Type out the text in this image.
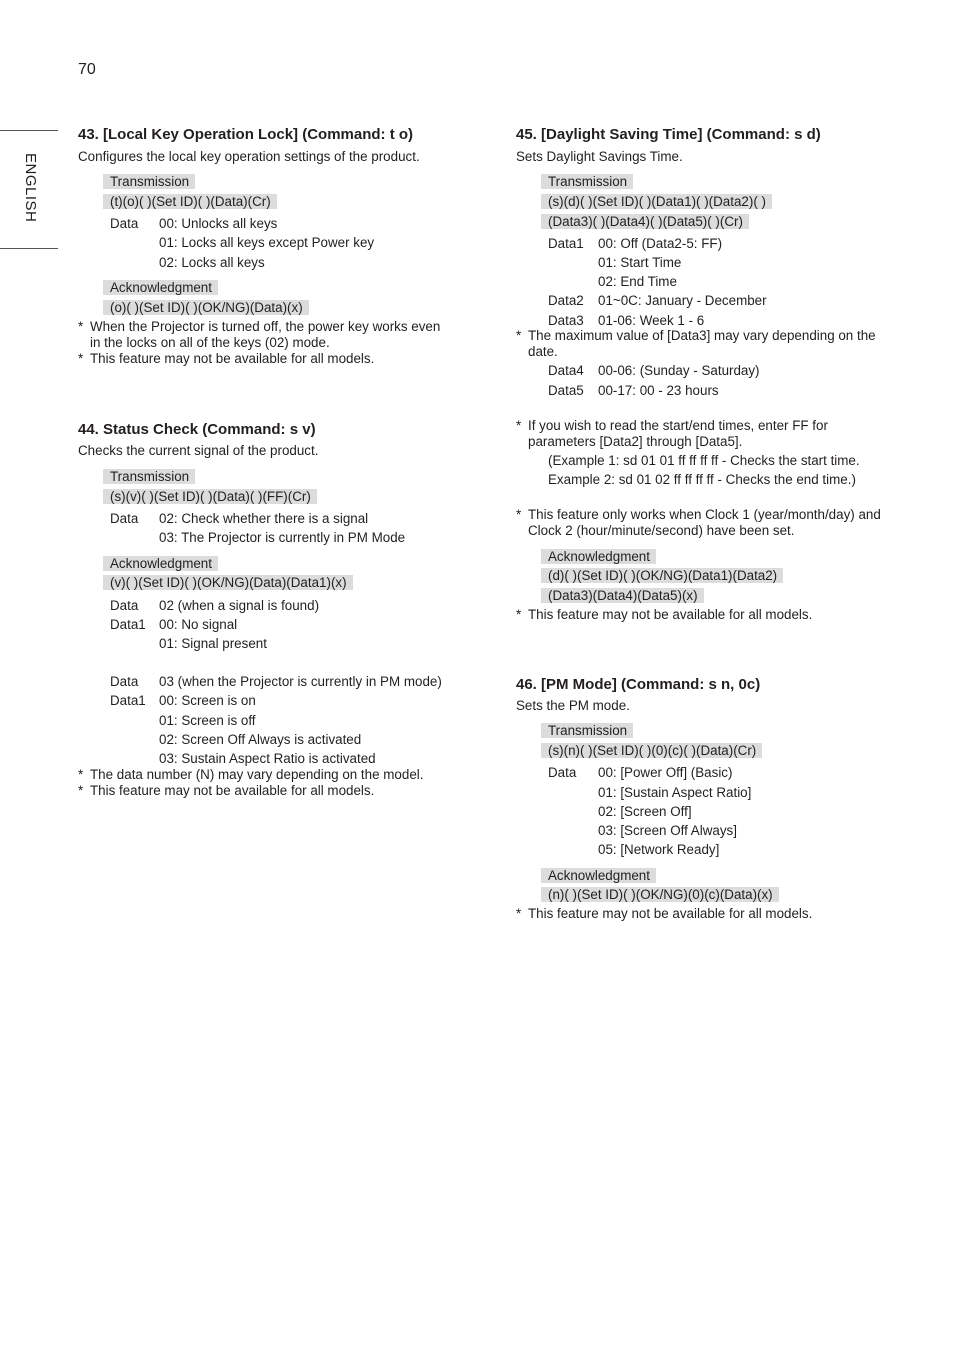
70
ENGLISH
43. [Local Key Operation Lock] (Command: t o)
Configures the local key operation settings of the product.
Transmission
(t)(o)( )(Set ID)( )(Data)(Cr)
Data 00: Unlocks all keys
01: Locks all keys except Power key
02: Locks all keys
Acknowledgment
(o)( )(Set ID)( )(OK/NG)(Data)(x)
* When the Projector is turned off, the power key works even
in the locks on all of the keys (02) mode.
* This feature may not be available for all models.
44. Status Check (Command: s v)
Checks the current signal of the product.
Transmission
(s)(v)( )(Set ID)( )(Data)( )(FF)(Cr)
Data 02: Check whether there is a signal
03: The Projector is currently in PM Mode
Acknowledgment
(v)( )(Set ID)( )(OK/NG)(Data)(Data1)(x)
Data 02 (when a signal is found)
Data1 00: No signal
01: Signal present
Data 03 (when the Projector is currently in PM mode)
Data1 00: Screen is on
01: Screen is off
02: Screen Off Always is activated
03: Sustain Aspect Ratio is activated
* The data number (N) may vary depending on the model.
* This feature may not be available for all models.
45. [Daylight Saving Time] (Command: s d)
Sets Daylight Savings Time.
Transmission
(s)(d)( )(Set ID)( )(Data1)( )(Data2)( )
(Data3)( )(Data4)( )(Data5)( )(Cr)
Data1 00: Off (Data2-5: FF)
01: Start Time
02: End Time
Data2 01~0C: January - December
Data3 01-06: Week 1 - 6
* The maximum value of [Data3] may vary depending on the
date.
Data4 00-06: (Sunday - Saturday)
Data5 00-17: 00 - 23 hours
* If you wish to read the start/end times, enter FF for
parameters [Data2] through [Data5].
(Example 1: sd 01 01 ff ff ff ff - Checks the start time.
Example 2: sd 01 02 ff ff ff ff - Checks the end time.)
* This feature only works when Clock 1 (year/month/day) and
Clock 2 (hour/minute/second) have been set.
Acknowledgment
(d)( )(Set ID)( )(OK/NG)(Data1)(Data2)
(Data3)(Data4)(Data5)(x)
* This feature may not be available for all models.
46. [PM Mode] (Command: s n, 0c)
Sets the PM mode.
Transmission
(s)(n)( )(Set ID)( )(0)(c)( )(Data)(Cr)
Data 00: [Power Off] (Basic)
01: [Sustain Aspect Ratio]
02: [Screen Off]
03: [Screen Off Always]
05: [Network Ready]
Acknowledgment
(n)( )(Set ID)( )(OK/NG)(0)(c)(Data)(x)
* This feature may not be available for all models.
